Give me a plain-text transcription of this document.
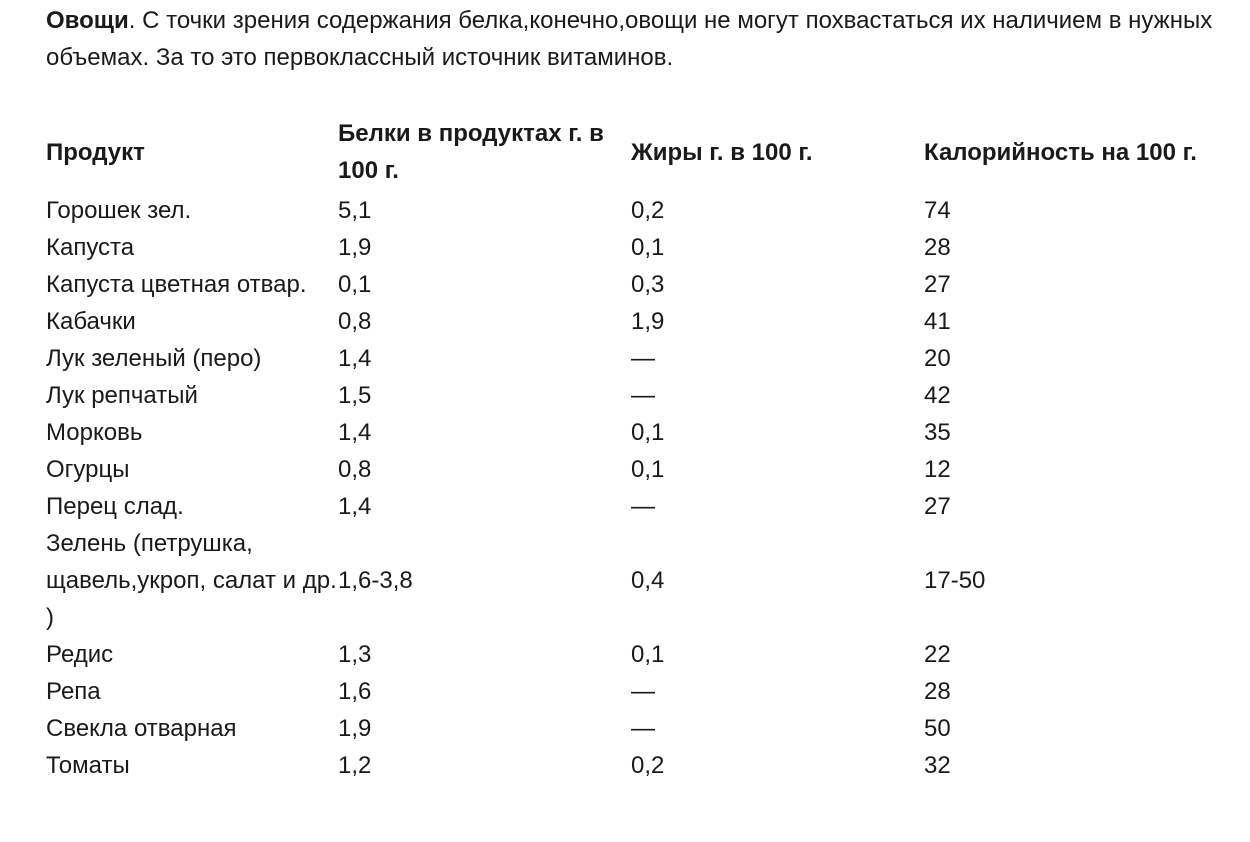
Овощи. С точки зрения содержания белка,конечно,овощи не могут похвастаться их наличием в нужных объемах. За то это первоклассный источник витаминов.

Продукт	Белки в продуктах г. в 100 г.	Жиры г. в 100 г.	Калорийность на 100 г.
Горошек зел.	5,1	0,2	74
Капуста	1,9	0,1	28
Капуста цветная отвар.	0,1	0,3	27
Кабачки	0,8	1,9	41
Лук зеленый (перо)	1,4	—	20
Лук репчатый	1,5	—	42
Морковь	1,4	0,1	35
Огурцы	0,8	0,1	12
Перец слад.	1,4	—	27
Зелень (петрушка, щавель,укроп, салат и др. )	1,6-3,8	0,4	17-50
Редис	1,3	0,1	22
Репа	1,6	—	28
Свекла отварная	1,9	—	50
Томаты	1,2	0,2	32
